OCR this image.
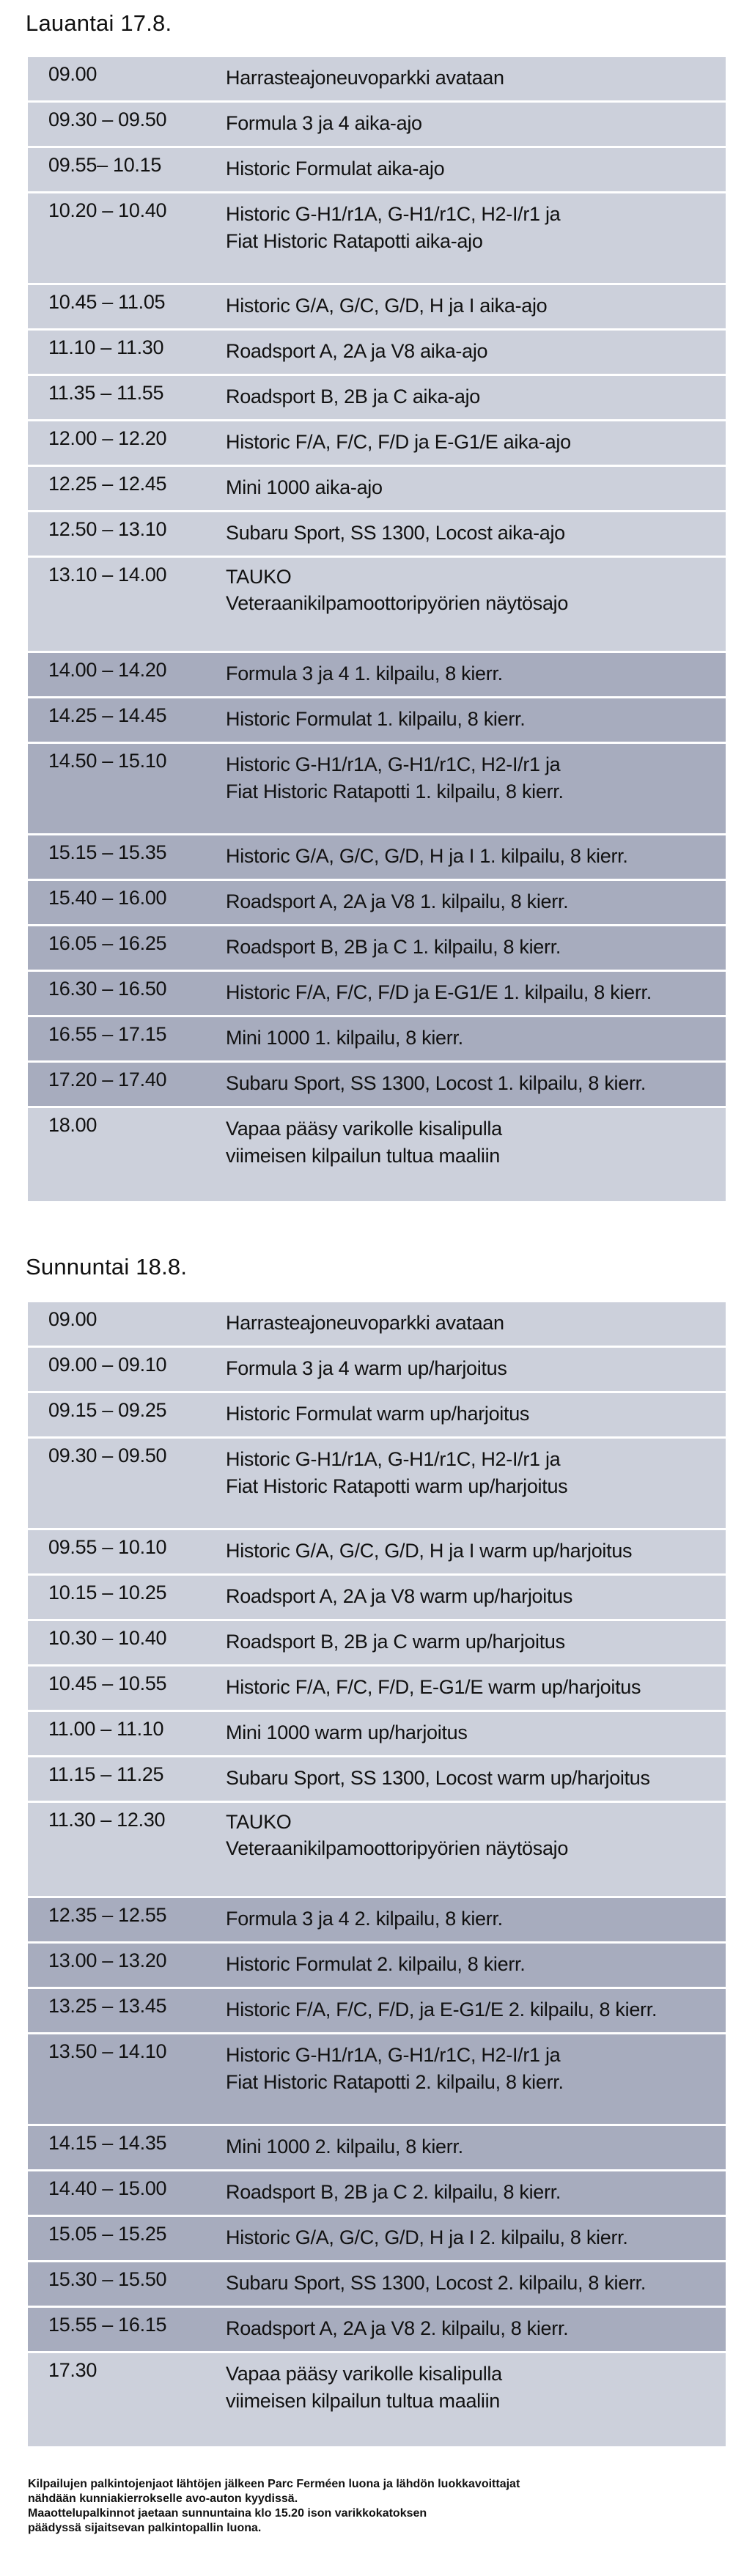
Lauantai 17.8.
09.00	Harrasteajoneuvoparkki avataan
09.30 – 09.50	Formula 3 ja 4 aika-ajo
09.55– 10.15	Historic Formulat aika-ajo
10.20 – 10.40	Historic G-H1/r1A, G-H1/r1C, H2-I/r1 ja
Fiat Historic Ratapotti aika-ajo
10.45 – 11.05	Historic G/A, G/C, G/D, H ja I aika-ajo
11.10 – 11.30	Roadsport A, 2A ja V8 aika-ajo
11.35 – 11.55	Roadsport B, 2B ja C aika-ajo
12.00 – 12.20	Historic F/A, F/C, F/D ja E-G1/E aika-ajo
12.25 – 12.45	Mini 1000 aika-ajo
12.50 – 13.10	Subaru Sport, SS 1300, Locost aika-ajo
13.10 – 14.00	TAUKO
Veteraanikilpamoottoripyörien näytösajo
14.00 – 14.20	Formula 3 ja 4 1. kilpailu, 8 kierr.
14.25 – 14.45	Historic Formulat 1. kilpailu, 8 kierr.
14.50 – 15.10	Historic G-H1/r1A, G-H1/r1C, H2-I/r1 ja
Fiat Historic Ratapotti 1. kilpailu, 8 kierr.
15.15 – 15.35	Historic G/A, G/C, G/D, H ja I 1. kilpailu, 8 kierr.
15.40 – 16.00	Roadsport A, 2A ja V8 1. kilpailu, 8 kierr.
16.05 – 16.25	Roadsport B, 2B ja C 1. kilpailu, 8 kierr.
16.30 – 16.50	Historic F/A, F/C, F/D ja E-G1/E 1. kilpailu, 8 kierr.
16.55 – 17.15	Mini 1000 1. kilpailu, 8 kierr.
17.20 – 17.40	Subaru Sport, SS 1300, Locost 1. kilpailu, 8 kierr.
18.00	Vapaa pääsy varikolle kisalipulla
viimeisen kilpailun tultua maaliin
Sunnuntai 18.8.
09.00	Harrasteajoneuvoparkki avataan
09.00 – 09.10	Formula 3 ja 4 warm up/harjoitus
09.15 – 09.25	Historic Formulat warm up/harjoitus
09.30 – 09.50	Historic G-H1/r1A, G-H1/r1C, H2-I/r1 ja
Fiat Historic Ratapotti warm up/harjoitus
09.55 – 10.10	Historic G/A, G/C, G/D, H ja I warm up/harjoitus
10.15 – 10.25	Roadsport A, 2A ja V8 warm up/harjoitus
10.30 – 10.40	Roadsport B, 2B ja C warm up/harjoitus
10.45 – 10.55	Historic F/A, F/C, F/D, E-G1/E warm up/harjoitus
11.00 – 11.10	Mini 1000 warm up/harjoitus
11.15 – 11.25	Subaru Sport, SS 1300, Locost warm up/harjoitus
11.30 – 12.30	TAUKO
Veteraanikilpamoottoripyörien näytösajo
12.35 – 12.55	Formula 3 ja 4 2. kilpailu, 8 kierr.
13.00 – 13.20	Historic Formulat 2. kilpailu, 8 kierr.
13.25 – 13.45	Historic F/A, F/C, F/D, ja E-G1/E 2. kilpailu, 8 kierr.
13.50 – 14.10	Historic G-H1/r1A, G-H1/r1C, H2-I/r1 ja
Fiat Historic Ratapotti 2. kilpailu, 8 kierr.
14.15 – 14.35	Mini 1000 2. kilpailu, 8 kierr.
14.40 – 15.00	Roadsport B, 2B ja C 2. kilpailu, 8 kierr.
15.05 – 15.25	Historic G/A, G/C, G/D, H ja I 2. kilpailu, 8 kierr.
15.30 – 15.50	Subaru Sport, SS 1300, Locost 2. kilpailu, 8 kierr.
15.55 – 16.15	Roadsport A, 2A ja V8 2. kilpailu, 8 kierr.
17.30	Vapaa pääsy varikolle kisalipulla
viimeisen kilpailun tultua maaliin
Kilpailujen palkintojenjaot lähtöjen jälkeen Parc Ferméen luona ja lähdön luokkavoittajat
nähdään kunniakierrokselle avo-auton kyydissä.
Maaottelupalkinnot jaetaan sunnuntaina klo 15.20 ison varikkokatoksen
päädyssä sijaitsevan palkintopallin luona.
